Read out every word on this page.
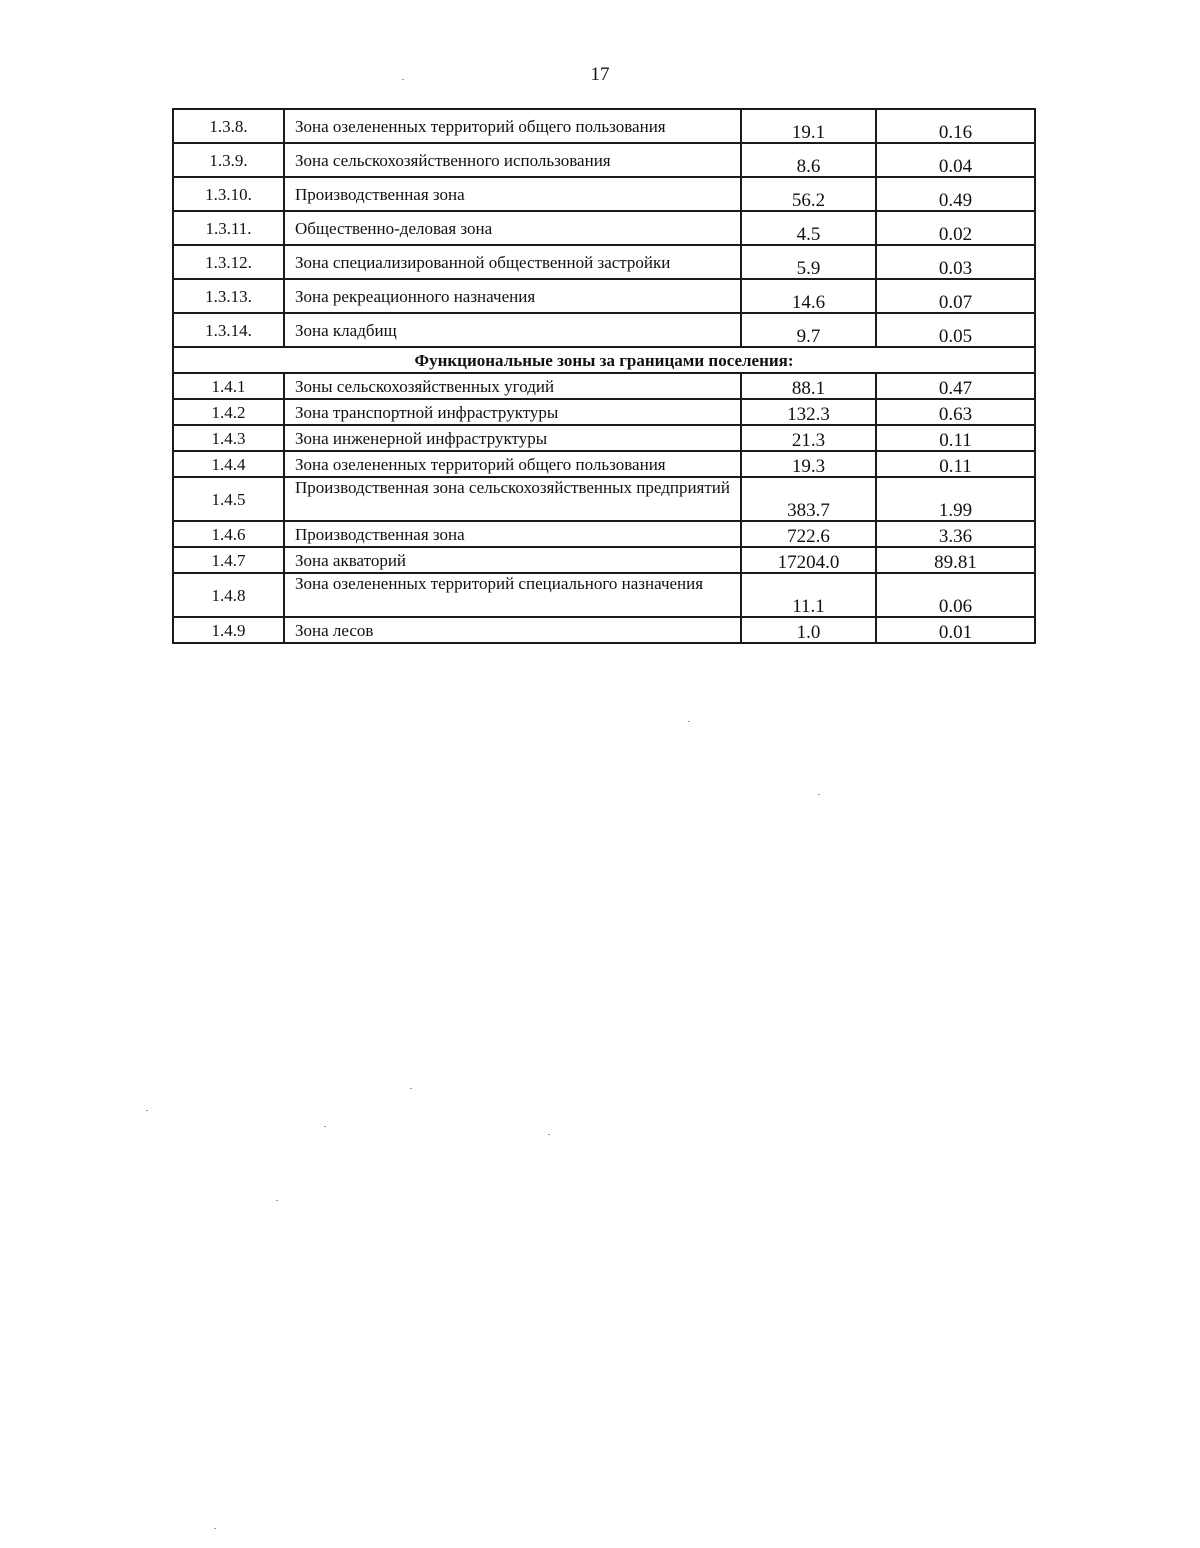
17
1.3.8.	Зона озелененных территорий общего пользования	19.1	0.16
1.3.9.	Зона сельскохозяйственного использования	8.6	0.04
1.3.10.	Производственная зона	56.2	0.49
1.3.11.	Общественно-деловая зона	4.5	0.02
1.3.12.	Зона специализированной общественной застройки	5.9	0.03
1.3.13.	Зона рекреационного назначения	14.6	0.07
1.3.14.	Зона кладбищ	9.7	0.05
Функциональные зоны за границами поселения:			
1.4.1	Зоны сельскохозяйственных угодий	88.1	0.47
1.4.2	Зона транспортной инфраструктуры	132.3	0.63
1.4.3	Зона инженерной инфраструктуры	21.3	0.11
1.4.4	Зона озелененных территорий общего пользования	19.3	0.11
1.4.5	Производственная зона сельскохозяйственных предприятий	383.7	1.99
1.4.6	Производственная зона	722.6	3.36
1.4.7	Зона акваторий	17204.0	89.81
1.4.8	Зона озелененных территорий специального назначения	11.1	0.06
1.4.9	Зона лесов	1.0	0.01
